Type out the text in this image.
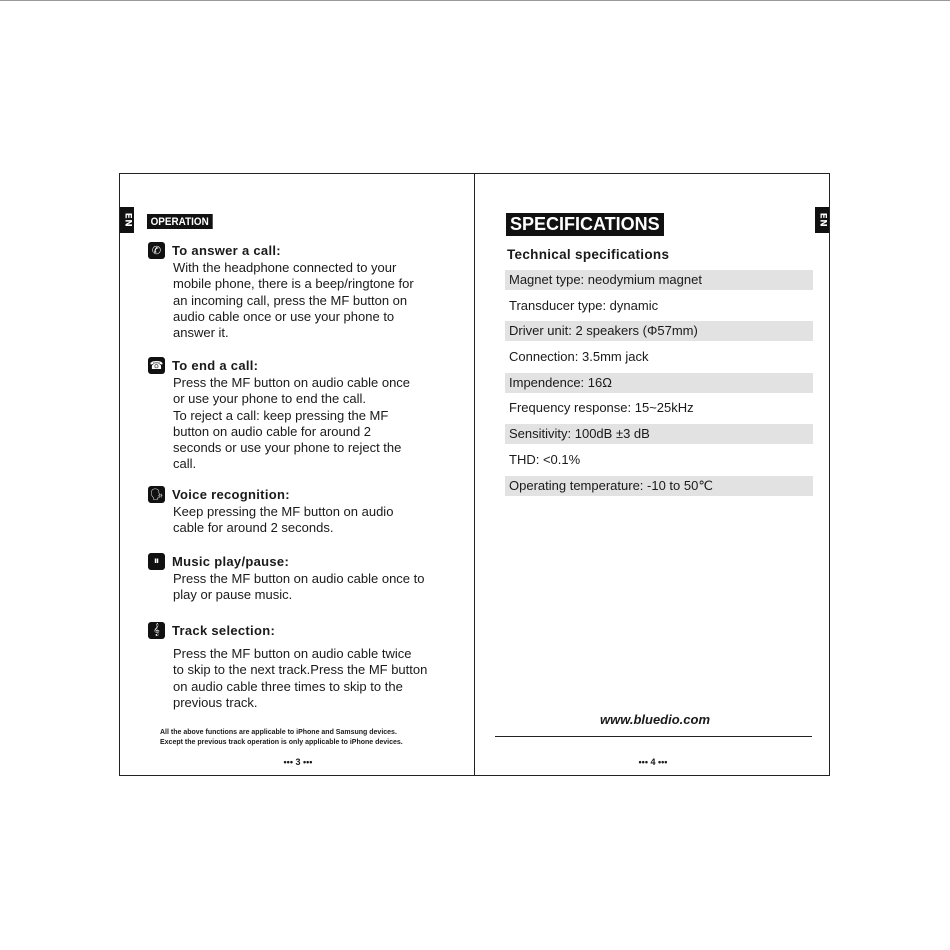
EN	OPERATION
✆ To answer a call:
With the headphone connected to your
mobile phone, there is a beep/ringtone for
an incoming call, press the MF button on
audio cable once or use your phone to
answer it.
☎ To end a call:
Press the MF button on audio cable once
or use your phone to end the call.
To reject a call: keep pressing the MF
button on audio cable for around 2
seconds or use your phone to reject the
call.
🗣 Voice recognition:
Keep pressing the MF button on audio
cable for around 2 seconds.
⏸ Music play/pause:
Press the MF button on audio cable once to
play or pause music.
𝄞 Track selection:
Press the MF button on audio cable twice
to skip to the next track.Press the MF button
on audio cable three times to skip to the
previous track.
All the above functions are applicable to iPhone and Samsung devices.
Except the previous track operation is only applicable to iPhone devices.
••• 3 •••
EN
SPECIFICATIONS
Technical specifications
Magnet type: neodymium magnet
Transducer type: dynamic
Driver unit: 2 speakers (Φ57mm)
Connection: 3.5mm jack
Impendence: 16Ω
Frequency response: 15~25kHz
Sensitivity: 100dB ±3 dB
THD: <0.1%
Operating temperature: -10 to 50℃
www.bluedio.com
••• 4 •••
